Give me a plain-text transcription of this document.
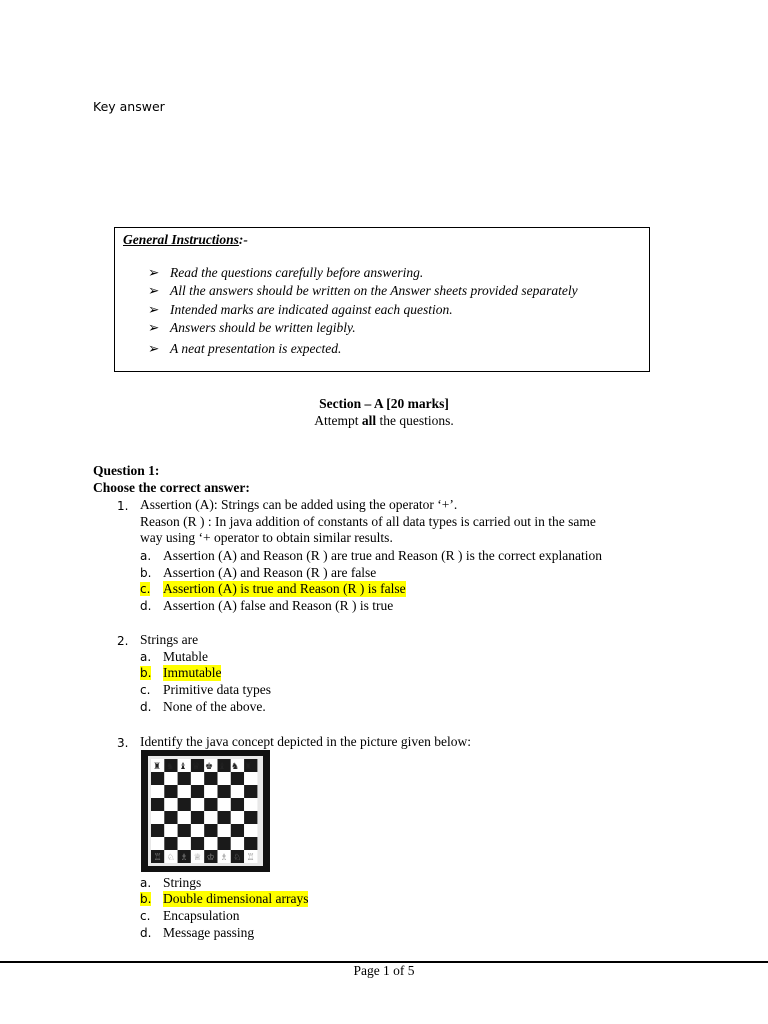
Key answer
General Instructions:-
➢ Read the questions carefully before answering.
➢ All the answers should be written on the Answer sheets provided separately
➢ Intended marks are indicated against each question.
➢ Answers should be written legibly.
➢ A neat presentation is expected.
Section – A [20 marks]
Attempt all the questions.
Question 1:
Choose the correct answer:
1. Assertion (A): Strings can be added using the operator ‘+’.
Reason (R ) : In java addition of constants of all data types is carried out in the same
way using ‘+ operator to obtain similar results.
a. Assertion (A) and Reason (R ) are true and Reason (R ) is the correct explanation
b. Assertion (A) and Reason (R ) are false
c. Assertion (A) is true and Reason (R ) is false
d. Assertion (A) false and Reason (R ) is true
2. Strings are
a. Mutable
b. Immutable
c. Primitive data types
d. None of the above.
3. Identify the java concept depicted in the picture given below:
♖ ♘ ♗ ♕ ♔ ♗ ♘ ♖
♜ ♞ ♝ ♛ ♚ ♝ ♞ ♜
a. Strings
b. Double dimensional arrays
c. Encapsulation
d. Message passing
Page 1 of 5
